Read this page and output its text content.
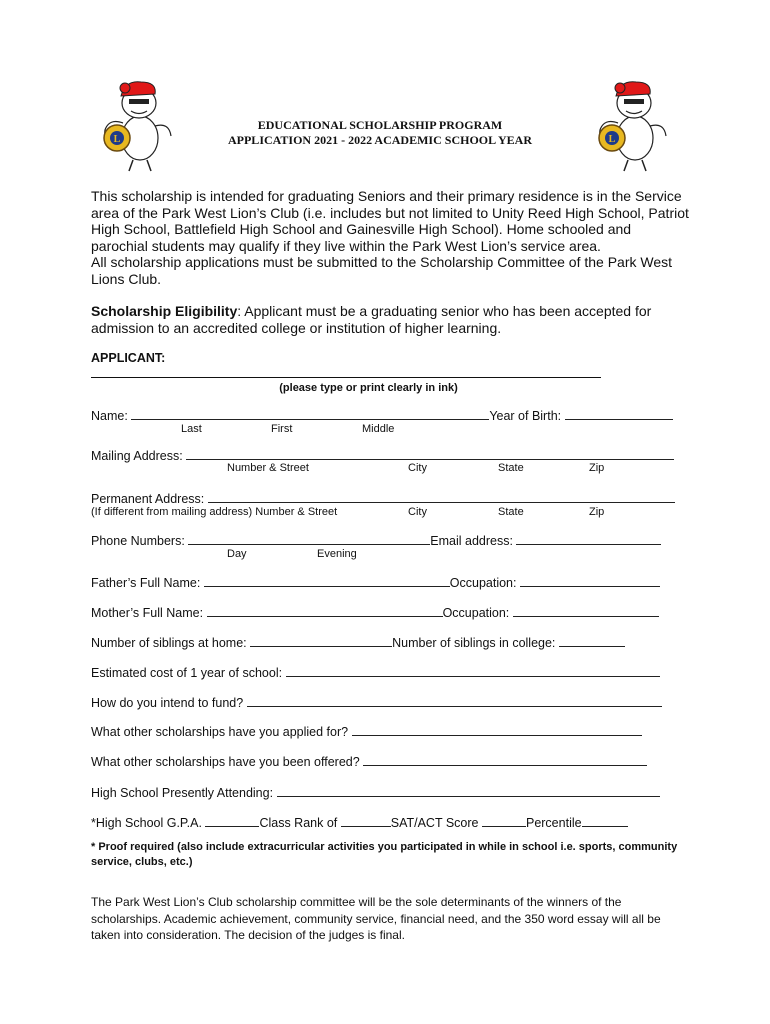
L	L
EDUCATIONAL SCHOLARSHIP PROGRAM
APPLICATION 2021 - 2022 ACADEMIC SCHOOL YEAR

This scholarship is intended for graduating Seniors and their primary residence is in the Service area of the Park West Lion’s Club (i.e. includes but not limited to Unity Reed High School, Patriot High School, Battlefield High School and Gainesville High School). Home schooled and parochial students may qualify if they live within the Park West Lion’s service area.

All scholarship applications must be submitted to the Scholarship Committee of the Park West Lions Club.

Scholarship Eligibility: Applicant must be a graduating senior who has been accepted for admission to an accredited college or institution of higher learning.
APPLICANT:
(please type or print clearly in ink)
Name:	Year of Birth:
Last	First	Middle
Mailing Address:
Number & Street	City	State	Zip
Permanent Address:
(If different from mailing address) Number & Street	City	State	Zip
Phone Numbers:	Email address:
Day	Evening
Father’s Full Name:	Occupation:
Mother’s Full Name:	Occupation:
Number of siblings at home:	Number of siblings in college:
Estimated cost of 1 year of school:
How do you intend to fund?
What other scholarships have you applied for?
What other scholarships have you been offered?
High School Presently Attending:
*High School G.P.A.	Class Rank of	SAT/ACT Score	Percentile
* Proof required (also include extracurricular activities you participated in while in school i.e. sports, community service, clubs, etc.)
The Park West Lion’s Club scholarship committee will be the sole determinants of the winners of the scholarships. Academic achievement, community service, financial need, and the 350 word essay will all be taken into consideration. The decision of the judges is final.
